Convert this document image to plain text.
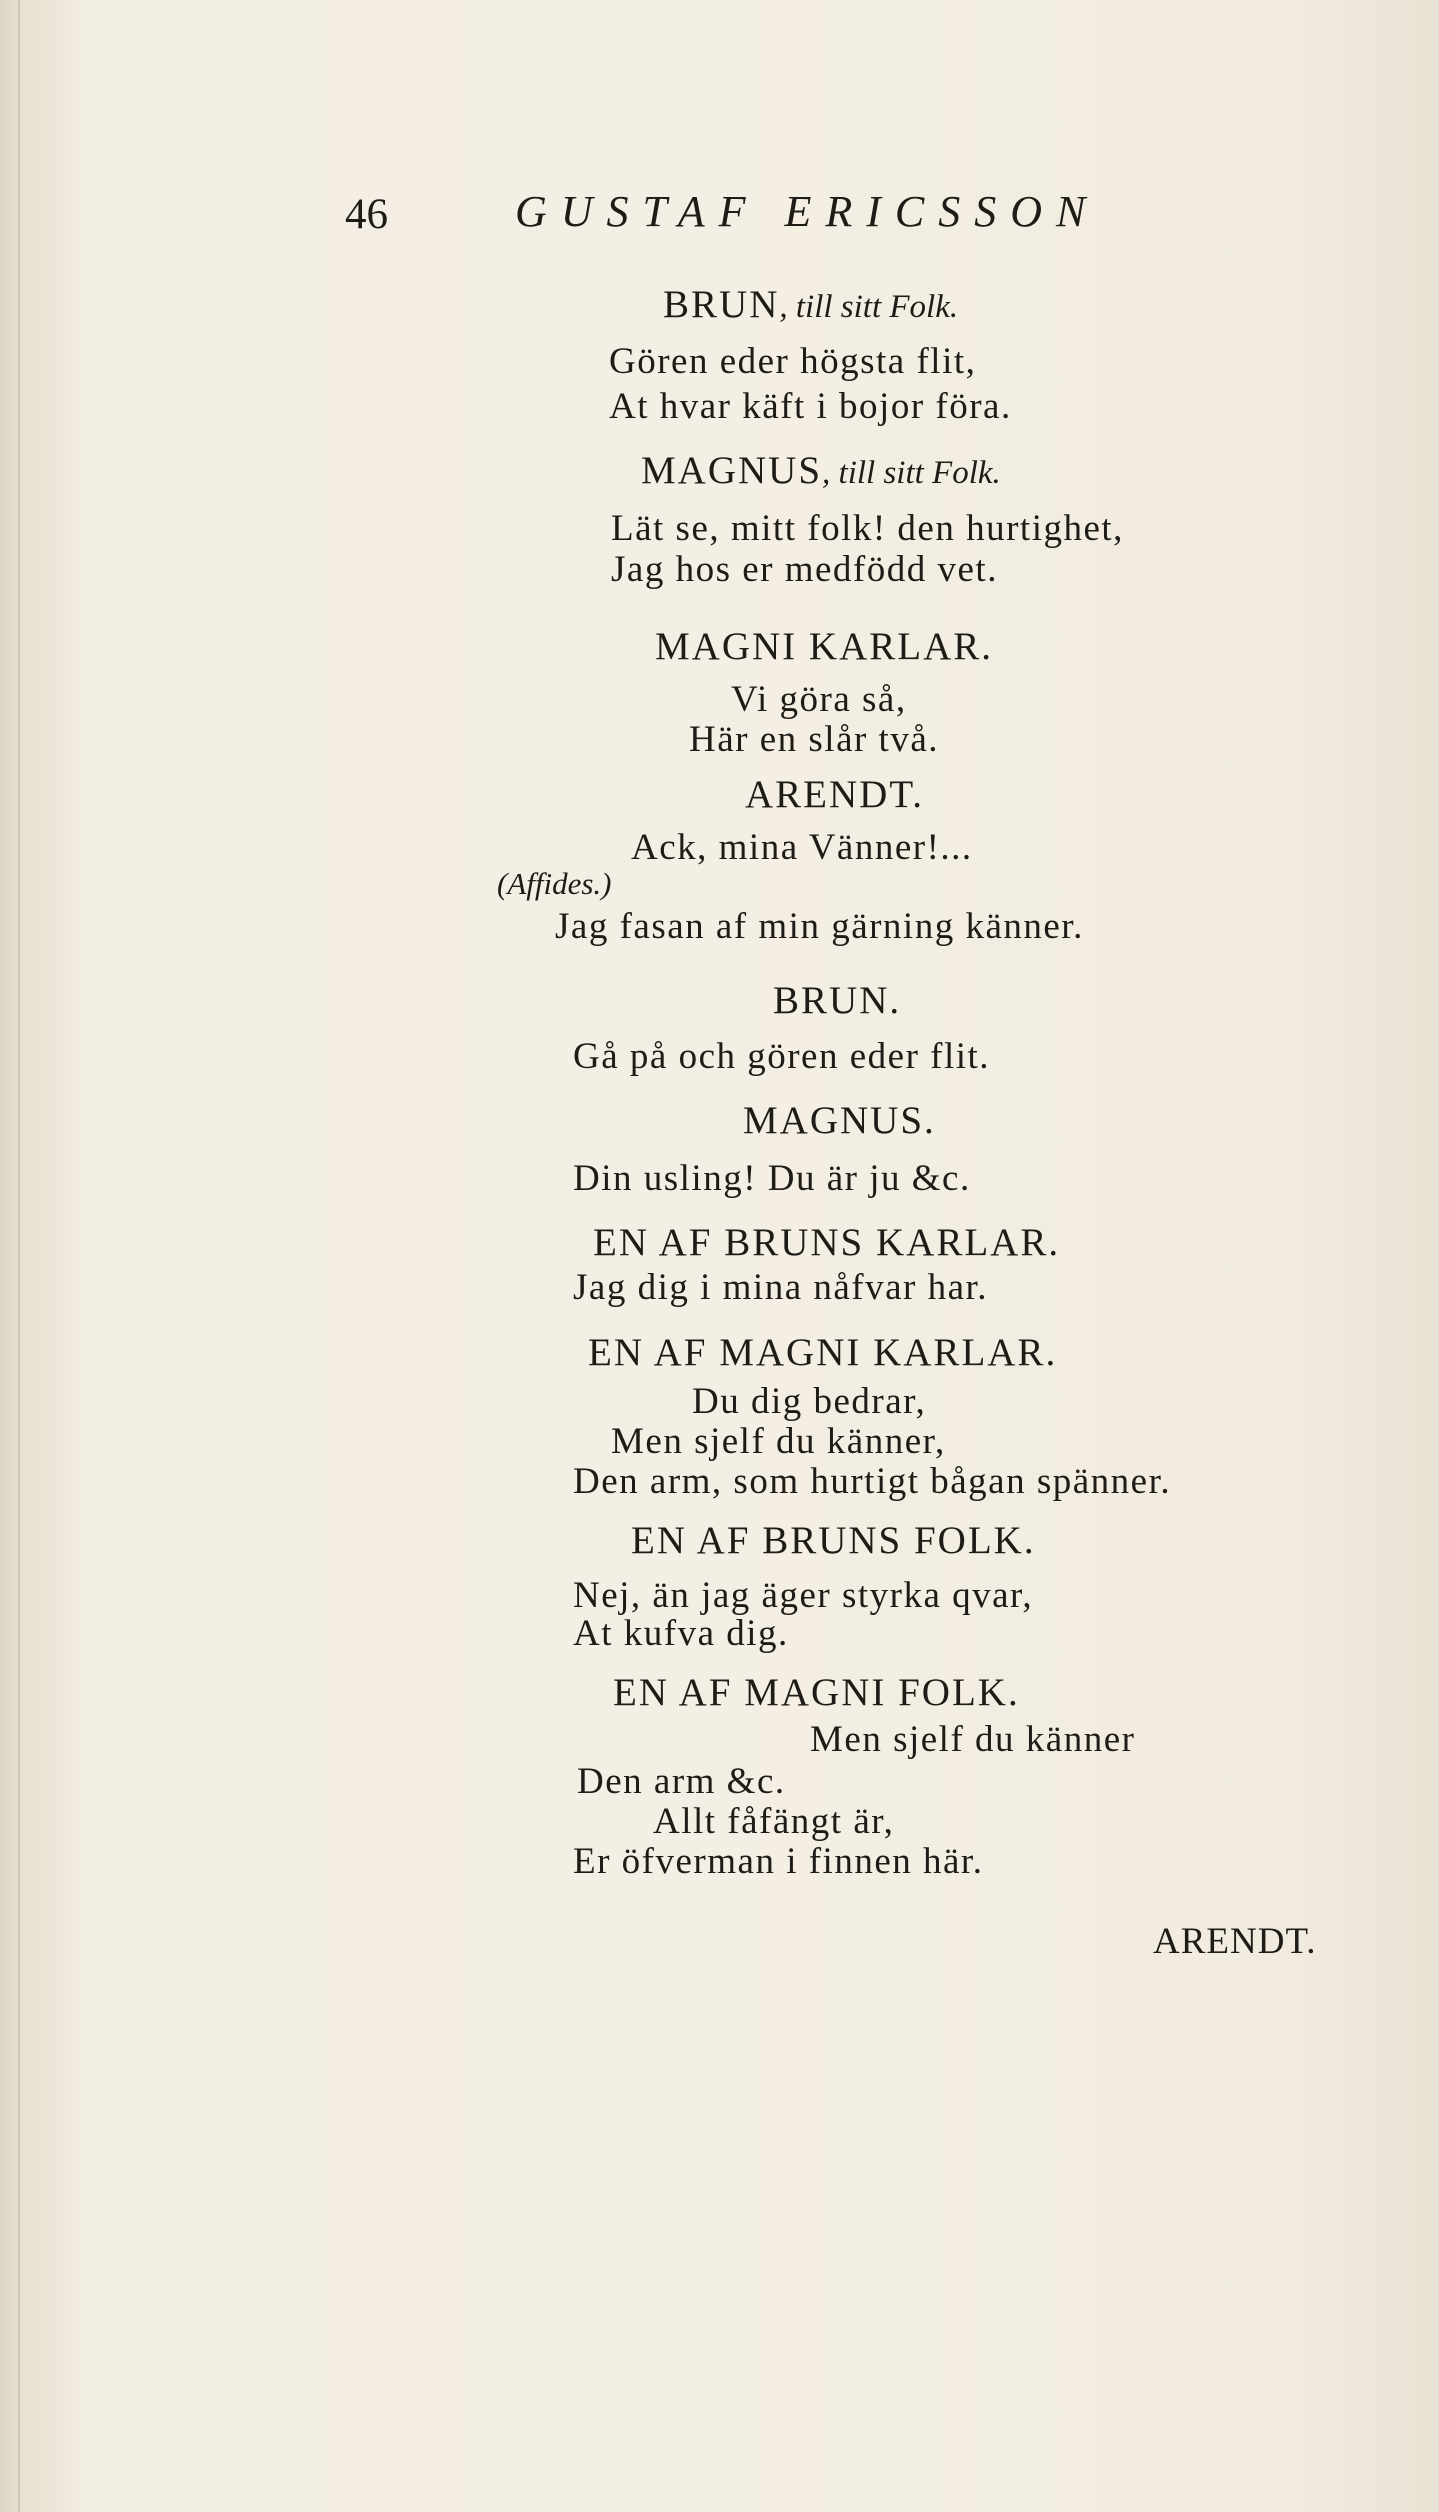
46	GUSTAF ERICSSON
BRUN, till sitt Folk.
Gören eder högsta flit,
At hvar käft i bojor föra.
MAGNUS, till sitt Folk.
Lät se, mitt folk! den hurtighet,
Jag hos er medfödd vet.
MAGNI KARLAR.
Vi göra så,
Här en slår två.
ARENDT.
Ack, mina Vänner!...
(Affides.)
Jag fasan af min gärning känner.
BRUN.
Gå på och gören eder flit.
MAGNUS.
Din usling! Du är ju &c.
EN AF BRUNS KARLAR.
Jag dig i mina nåfvar har.
EN AF MAGNI KARLAR.
Du dig bedrar,
Men sjelf du känner,
Den arm, som hurtigt bågan spänner.
EN AF BRUNS FOLK.
Nej, än jag äger styrka qvar,
At kufva dig.
EN AF MAGNI FOLK.
Men sjelf du känner
Den arm &c.
Allt fåfängt är,
Er öfverman i finnen här.
ARENDT.
